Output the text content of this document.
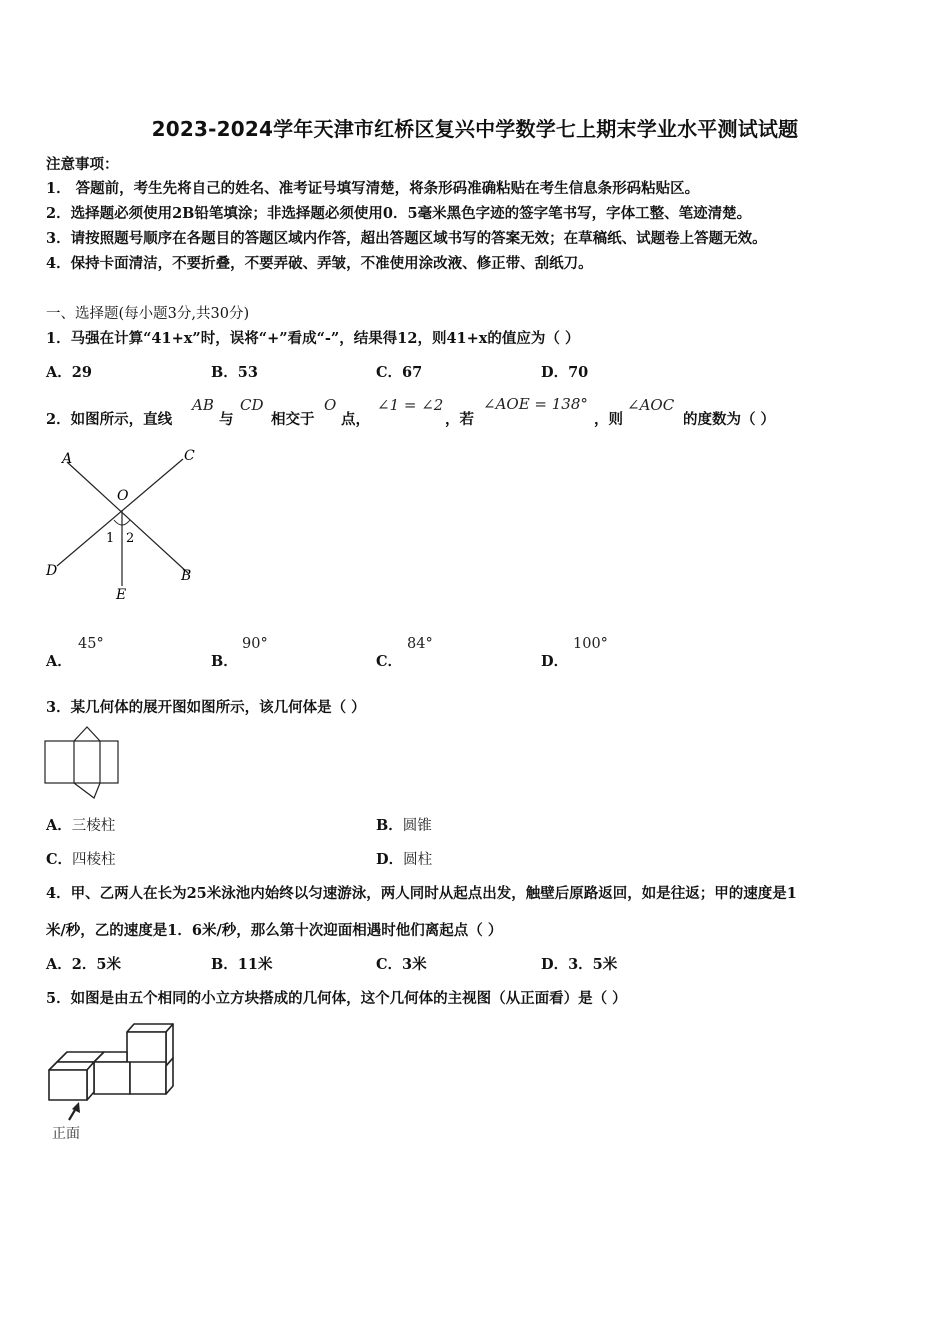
2023-2024学年天津市红桥区复兴中学数学七上期末学业水平测试试题
注意事项：
1． 答题前，考生先将自己的姓名、准考证号填写清楚，将条形码准确粘贴在考生信息条形码粘贴区。
2．选择题必须使用2B铅笔填涂；非选择题必须使用0．5毫米黑色字迹的签字笔书写，字体工整、笔迹清楚。
3．请按照题号顺序在各题目的答题区域内作答，超出答题区域书写的答案无效；在草稿纸、试题卷上答题无效。
4．保持卡面清洁，不要折叠，不要弄破、弄皱，不准使用涂改液、修正带、刮纸刀。
一、选择题(每小题3分,共30分)
1．马强在计算“41+x”时，误将“+”看成“-”，结果得12，则41+x的值应为（ ）
A．29	B．53	C．67	D．70
2．如图所示，直线
AB
与
CD
相交于
O
点，
∠1 = ∠2
，若
∠AOE = 138°
，则
∠AOC
的度数为（ ）
A	C
O
1 2
D	B
E
A．
45°
B．
90°
C．
84°
D．
100°
3．某几何体的展开图如图所示，该几何体是（ ）
A．三棱柱	B．圆锥
C．四棱柱	D．圆柱
4．甲、乙两人在长为25米泳池内始终以匀速游泳，两人同时从起点出发，触壁后原路返回，如是往返；甲的速度是1
米/秒，乙的速度是1．6米/秒，那么第十次迎面相遇时他们离起点（ ）
A．2．5米	B．11米	C．3米	D．3．5米
5．如图是由五个相同的小立方块搭成的几何体，这个几何体的主视图（从正面看）是（ ）
正面
